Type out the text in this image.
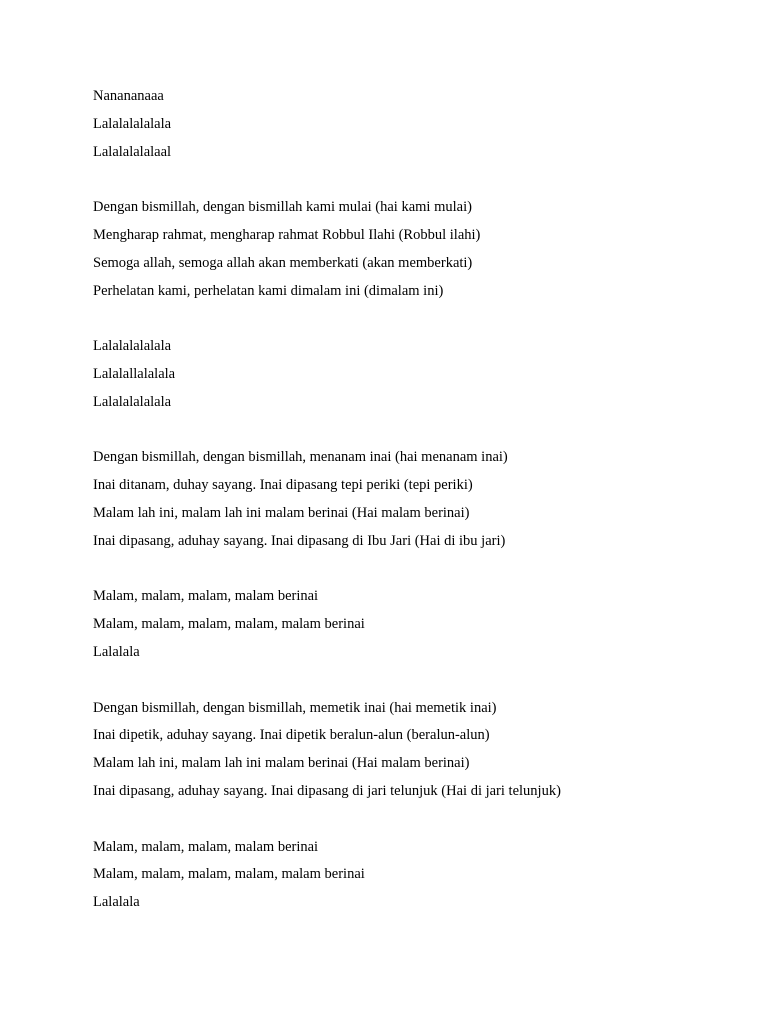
Nanananaaa
Lalalalalalala
Lalalalalalaal
Dengan bismillah, dengan bismillah kami mulai (hai kami mulai)
Mengharap rahmat, mengharap rahmat Robbul Ilahi (Robbul ilahi)
Semoga allah, semoga allah akan memberkati (akan memberkati)
Perhelatan kami, perhelatan kami dimalam ini (dimalam ini)
Lalalalalalala
Lalalallalalala
Lalalalalalala
Dengan bismillah, dengan bismillah, menanam inai (hai menanam inai)
Inai ditanam, duhay sayang. Inai dipasang tepi periki (tepi periki)
Malam lah ini, malam lah ini malam berinai (Hai malam berinai)
Inai dipasang, aduhay sayang. Inai dipasang di Ibu Jari (Hai di ibu jari)
Malam, malam, malam, malam berinai
Malam, malam, malam, malam, malam berinai
Lalalala
Dengan bismillah, dengan bismillah, memetik inai (hai memetik inai)
Inai dipetik, aduhay sayang. Inai dipetik beralun-alun (beralun-alun)
Malam lah ini, malam lah ini malam berinai (Hai malam berinai)
Inai dipasang, aduhay sayang. Inai dipasang di jari telunjuk (Hai di jari telunjuk)
Malam, malam, malam, malam berinai
Malam, malam, malam, malam, malam berinai
Lalalala
